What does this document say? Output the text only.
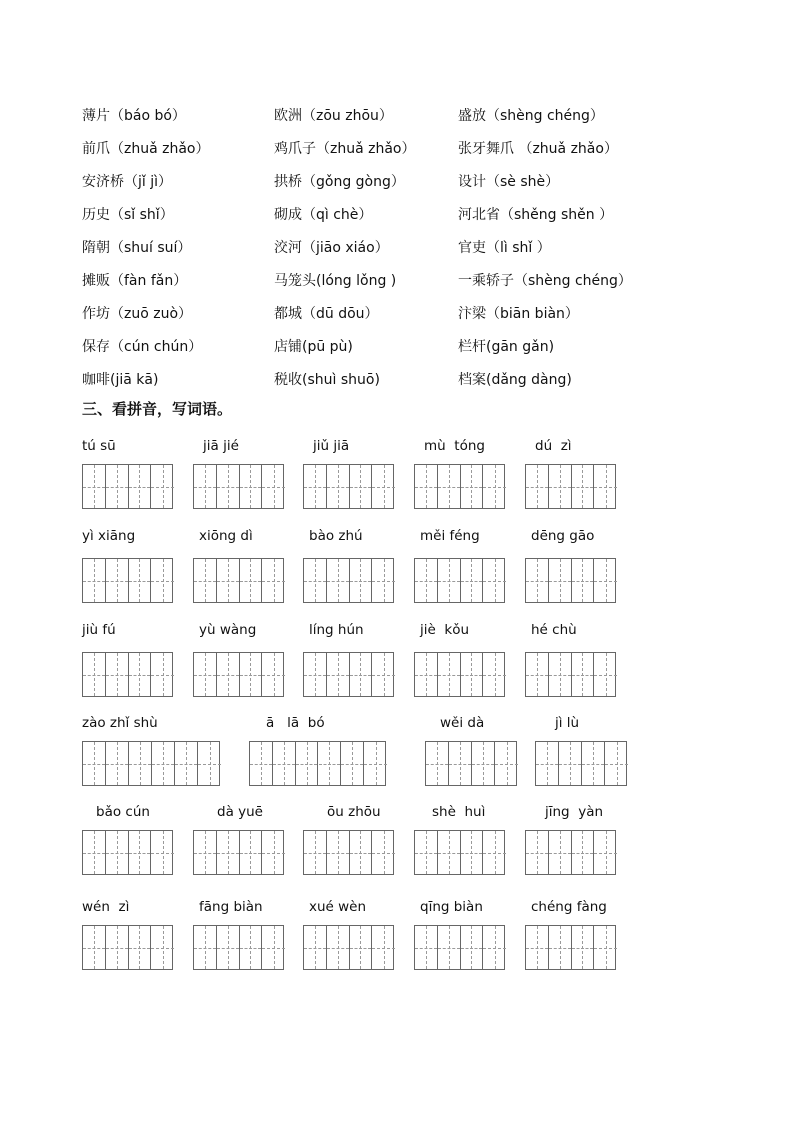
薄片（báo bó）	欧洲（zōu zhōu）	盛放（shèng chéng）
前爪（zhuǎ zhǎo）	鸡爪子（zhuǎ zhǎo）	张牙舞爪 （zhuǎ zhǎo）
安济桥（jǐ jì）	拱桥（gǒng gòng）	设计（sè shè）
历史（sǐ shǐ）	砌成（qì chè）	河北省（shěng shěn ）
隋朝（shuí suí）	洨河（jiāo xiáo）	官吏（lì shǐ ）
摊贩（fàn fǎn）	马笼头(lóng lǒng )	一乘轿子（shèng chéng）
作坊（zuō zuò）	都城（dū dōu）	汴梁（biān biàn）
保存（cún chún）	店铺(pū pù)	栏杆(gān gǎn)
咖啡(jiā kā)	税收(shuì shuō)	档案(dǎng dàng)
三、看拼音，写词语。
tú sū	jiā jié	jiǔ jiā	mù  tóng	dú  zì
yì xiāng	xiōng dì	bào zhú	měi féng	dēng gāo
jiù fú	yù wàng	líng hún	jiè  kǒu	hé chù
zào zhǐ shù	ā   lā  bó	wěi dà	jì lù
bǎo cún	dà yuē	ōu zhōu	shè  huì	jīng  yàn
wén  zì	fāng biàn	xué wèn	qīng biàn	chéng fàng
